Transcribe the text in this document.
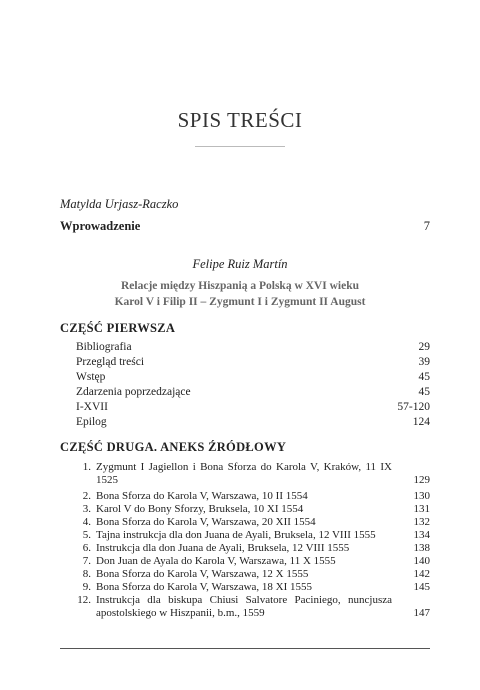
SPIS TREŚCI
Matylda Urjasz-Raczko
Wprowadzenie	7
Felipe Ruiz Martín
Relacje między Hiszpanią a Polską w XVI wieku
Karol V i Filip II – Zygmunt I i Zygmunt II August
CZĘŚĆ PIERWSZA
Bibliografia	29
Przegląd treści	39
Wstęp	45
Zdarzenia poprzedzające	45
I-XVII	57-120
Epilog	124
CZĘŚĆ DRUGA. ANEKS ŹRÓDŁOWY
1. Zygmunt I Jagiellon i Bona Sforza do Karola V, Kraków, 11 IX 1525	129
2. Bona Sforza do Karola V, Warszawa, 10 II 1554	130
3. Karol V do Bony Sforzy, Bruksela, 10 XI 1554	131
4. Bona Sforza do Karola V, Warszawa, 20 XII 1554	132
5. Tajna instrukcja dla don Juana de Ayali, Bruksela, 12 VIII 1555	134
6. Instrukcja dla don Juana de Ayali, Bruksela, 12 VIII 1555	138
7. Don Juan de Ayala do Karola V, Warszawa, 11 X 1555	140
8. Bona Sforza do Karola V, Warszawa, 12 X 1555	142
9. Bona Sforza do Karola V, Warszawa, 18 XI 1555	145
12. Instrukcja dla biskupa Chiusi Salvatore Paciniego, nuncjusza apostolskiego w Hiszpanii, b.m., 1559	147
